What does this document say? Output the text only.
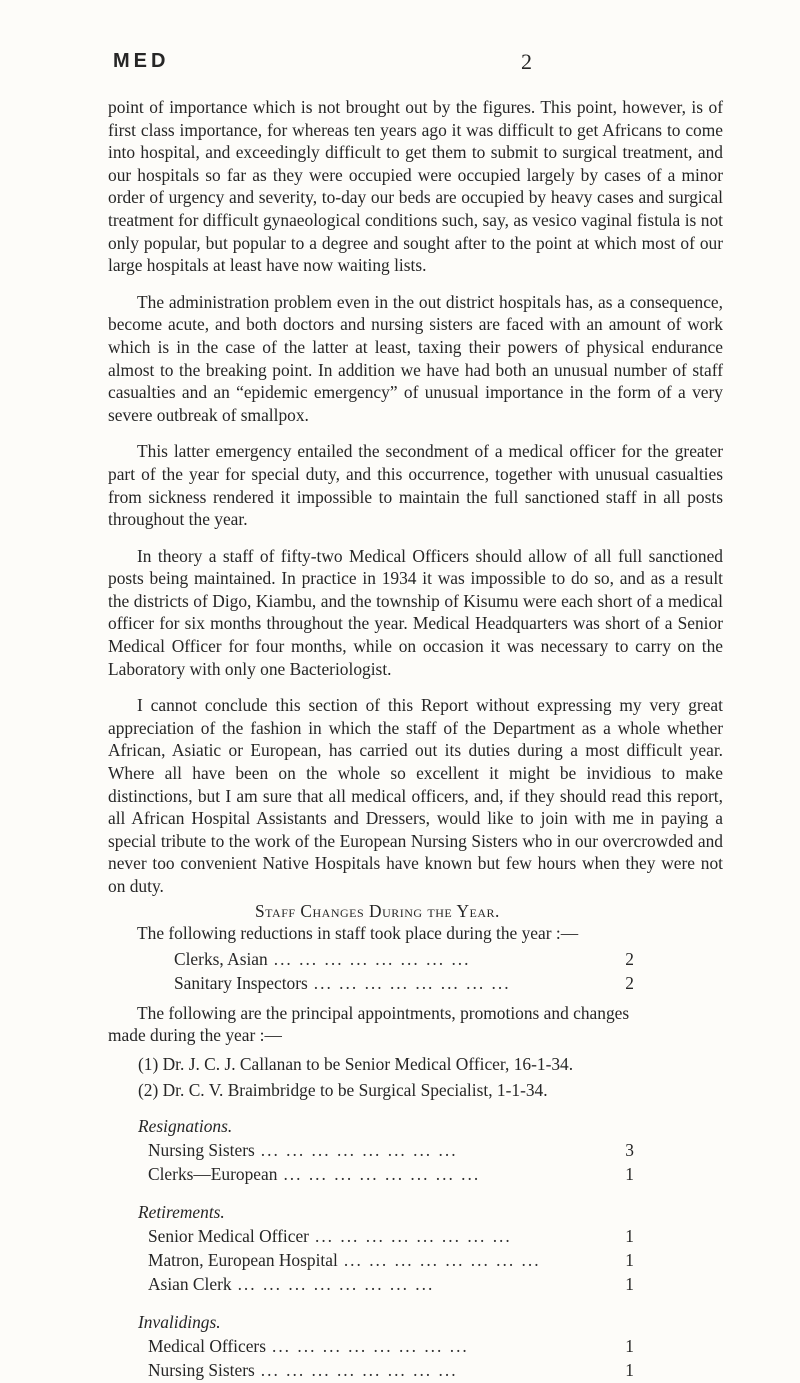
MED	2

point of importance which is not brought out by the figures. This point, however, is of first class importance, for whereas ten years ago it was difficult to get Africans to come into hospital, and exceedingly difficult to get them to submit to surgical treatment, and our hospitals so far as they were occupied were occupied largely by cases of a minor order of urgency and severity, to-day our beds are occupied by heavy cases and surgical treatment for difficult gynaeological conditions such, say, as vesico vaginal fistula is not only popular, but popular to a degree and sought after to the point at which most of our large hospitals at least have now waiting lists.

The administration problem even in the out district hospitals has, as a consequence, become acute, and both doctors and nursing sisters are faced with an amount of work which is in the case of the latter at least, taxing their powers of physical endurance almost to the breaking point. In addition we have had both an unusual number of staff casualties and an “epidemic emergency” of unusual importance in the form of a very severe outbreak of smallpox.

This latter emergency entailed the secondment of a medical officer for the greater part of the year for special duty, and this occurrence, together with unusual casualties from sickness rendered it impossible to maintain the full sanctioned staff in all posts throughout the year.

In theory a staff of fifty-two Medical Officers should allow of all full sanctioned posts being maintained. In practice in 1934 it was impossible to do so, and as a result the districts of Digo, Kiambu, and the township of Kisumu were each short of a medical officer for six months throughout the year. Medical Headquarters was short of a Senior Medical Officer for four months, while on occasion it was necessary to carry on the Laboratory with only one Bacteriologist.

I cannot conclude this section of this Report without expressing my very great appreciation of the fashion in which the staff of the Department as a whole whether African, Asiatic or European, has carried out its duties during a most difficult year. Where all have been on the whole so excellent it might be invidious to make distinctions, but I am sure that all medical officers, and, if they should read this report, all African Hospital Assistants and Dressers, would like to join with me in paying a special tribute to the work of the European Nursing Sisters who in our overcrowded and never too convenient Native Hospitals have known but few hours when they were not on duty.

Staff Changes During the Year.
The following reductions in staff took place during the year :—
Clerks, Asian ... ... ... ... ... ... ... ...	2
Sanitary Inspectors ... ... ... ... ... ... ... ...	2
The following are the principal appointments, promotions and changes
made during the year :—
(1) Dr. J. C. J. Callanan to be Senior Medical Officer, 16-1-34.
(2) Dr. C. V. Braimbridge to be Surgical Specialist, 1-1-34.
Resignations.
Nursing Sisters ... ... ... ... ... ... ... ...	3
Clerks—European ... ... ... ... ... ... ... ...	1
Retirements.
Senior Medical Officer ... ... ... ... ... ... ... ...	1
Matron, European Hospital ... ... ... ... ... ... ... ...	1
Asian Clerk ... ... ... ... ... ... ... ...	1
Invalidings.
Medical Officers ... ... ... ... ... ... ... ...	1
Nursing Sisters ... ... ... ... ... ... ... ...	1
